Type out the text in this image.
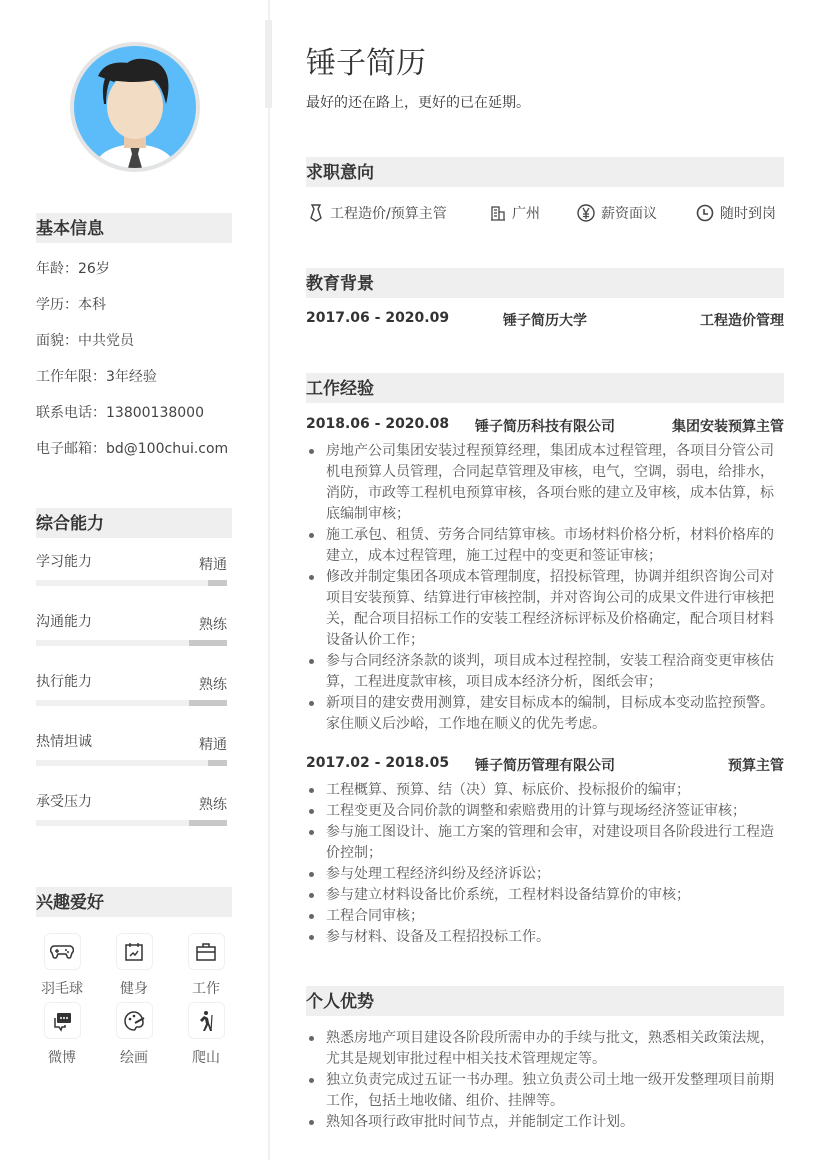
基本信息
年龄：26岁
学历：本科
面貌：中共党员
工作年限：3年经验
联系电话：13800138000
电子邮箱：bd@100chui.com
综合能力
学习能力	精通
沟通能力	熟练
执行能力	熟练
热情坦诚	精通
承受压力	熟练
兴趣爱好
羽毛球	健身	工作
微博	绘画	爬山
锤子简历
最好的还在路上，更好的已在延期。
求职意向
工程造价/预算主管	广州	薪资面议	随时到岗
教育背景
2017.06 - 2020.09	锤子简历大学	工程造价管理
工作经验
2018.06 - 2020.08	锤子简历科技有限公司	集团安装预算主管
房地产公司集团安装过程预算经理，集团成本过程管理，各项目分管公司机电预算人员管理，合同起草管理及审核，电气，空调，弱电，给排水，消防，市政等工程机电预算审核，各项台账的建立及审核，成本估算，标底编制审核；
施工承包、租赁、劳务合同结算审核。市场材料价格分析，材料价格库的建立，成本过程管理，施工过程中的变更和签证审核；
修改并制定集团各项成本管理制度，招投标管理，协调并组织咨询公司对项目安装预算、结算进行审核控制，并对咨询公司的成果文件进行审核把关，配合项目招标工作的安装工程经济标评标及价格确定，配合项目材料设备认价工作；
参与合同经济条款的谈判，项目成本过程控制，安装工程洽商变更审核估算，工程进度款审核，项目成本经济分析，图纸会审；
新项目的建安费用测算，建安目标成本的编制，目标成本变动监控预警。家住顺义后沙峪，工作地在顺义的优先考虑。
2017.02 - 2018.05	锤子简历管理有限公司	预算主管
工程概算、预算、结（决）算、标底价、投标报价的编审；
工程变更及合同价款的调整和索赔费用的计算与现场经济签证审核；
参与施工图设计、施工方案的管理和会审，对建设项目各阶段进行工程造价控制；
参与处理工程经济纠纷及经济诉讼；
参与建立材料设备比价系统，工程材料设备结算价的审核；
工程合同审核；
参与材料、设备及工程招投标工作。
个人优势
熟悉房地产项目建设各阶段所需申办的手续与批文，熟悉相关政策法规，尤其是规划审批过程中相关技术管理规定等。
独立负责完成过五证一书办理。独立负责公司土地一级开发整理项目前期工作，包括土地收储、组价、挂牌等。
熟知各项行政审批时间节点，并能制定工作计划。
